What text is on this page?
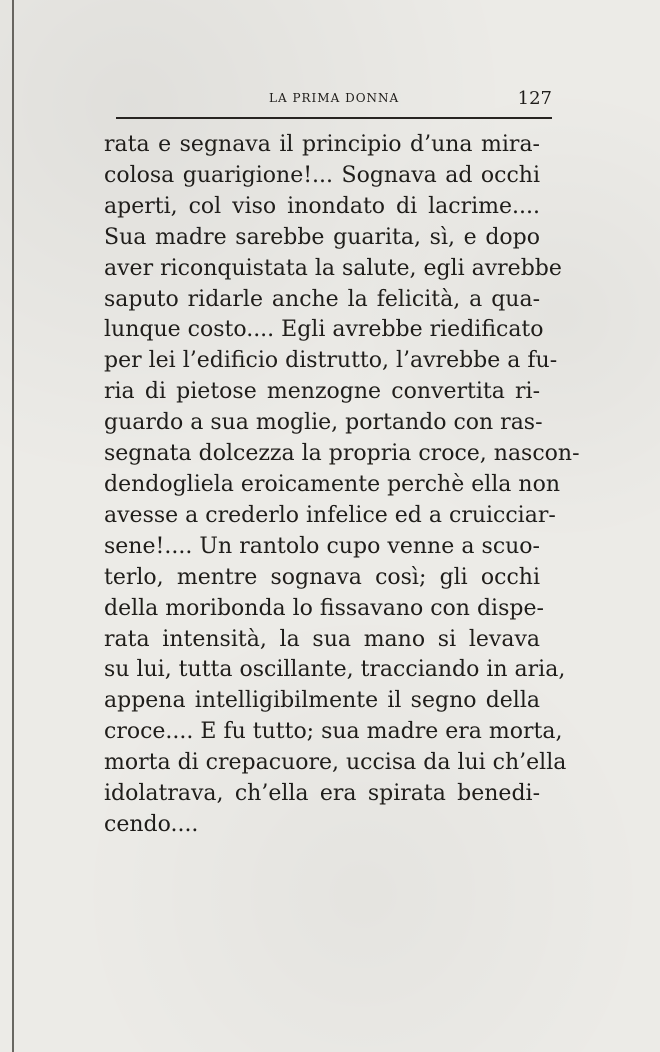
LA PRIMA DONNA	127
rata e segnava il principio d’una mira-
colosa guarigione!... Sognava ad occhi
aperti, col viso inondato di lacrime....
Sua madre sarebbe guarita, sì, e dopo
aver riconquistata la salute, egli avrebbe
saputo ridarle anche la felicità, a qua-
lunque costo.... Egli avrebbe riedificato
per lei l’edificio distrutto, l’avrebbe a fu-
ria di pietose menzogne convertita ri-
guardo a sua moglie, portando con ras-
segnata dolcezza la propria croce, nascon-
dendogliela eroicamente perchè ella non
avesse a crederlo infelice ed a cruicciar-
sene!.... Un rantolo cupo venne a scuo-
terlo, mentre sognava così; gli occhi
della moribonda lo fissavano con dispe-
rata intensità, la sua mano si levava
su lui, tutta oscillante, tracciando in aria,
appena intelligibilmente il segno della
croce.... E fu tutto; sua madre era morta,
morta di crepacuore, uccisa da lui ch’ella
idolatrava, ch’ella era spirata benedi-
cendo....
